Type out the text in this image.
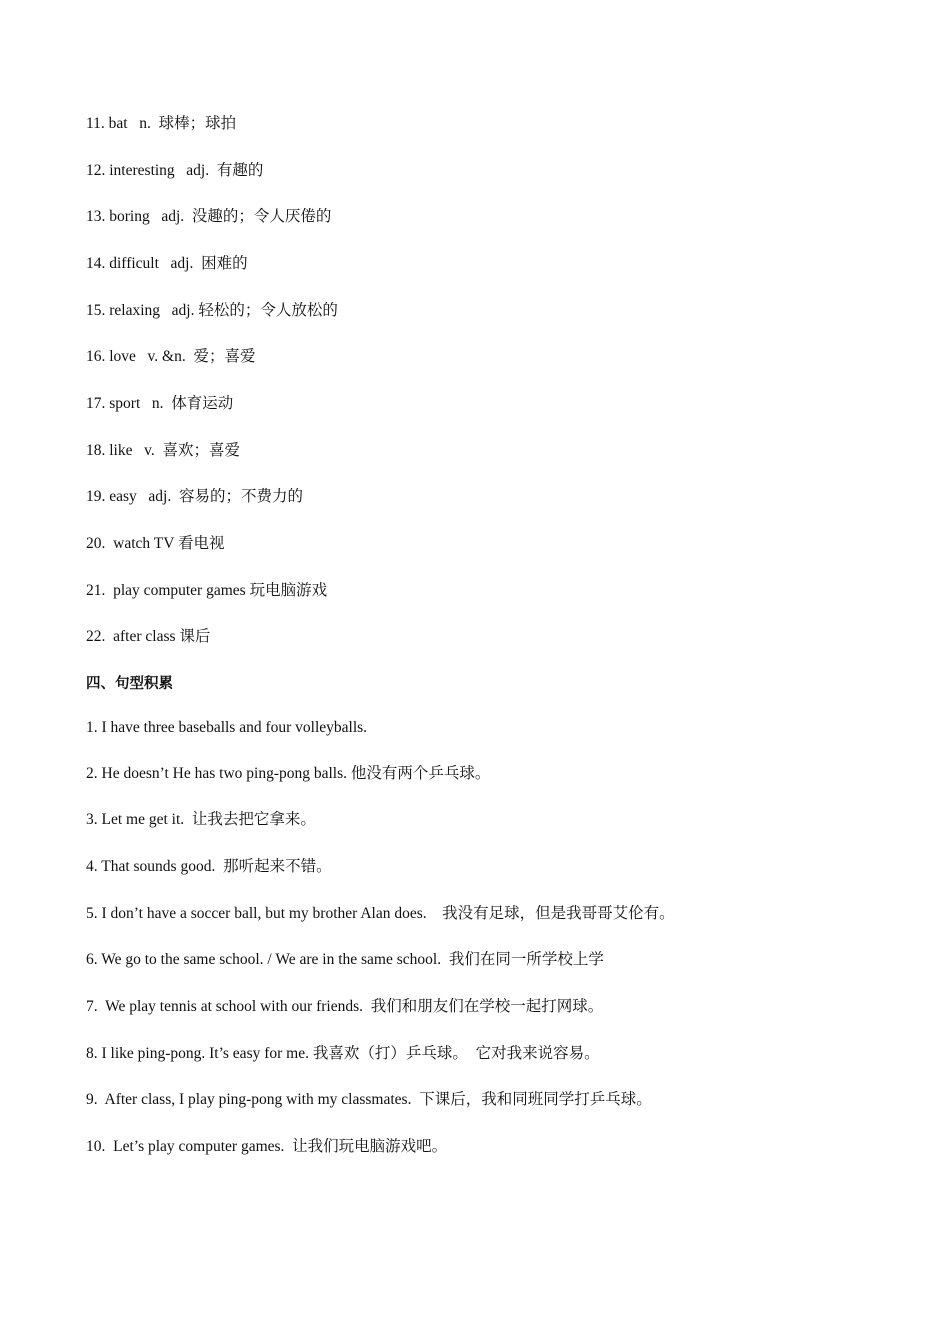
11. bat   n.  球棒；球拍

12. interesting   adj.  有趣的

13. boring   adj.  没趣的；令人厌倦的

14. difficult   adj.  困难的

15. relaxing   adj. 轻松的；令人放松的

16. love   v. &n.  爱；喜爱

17. sport   n.  体育运动

18. like   v.  喜欢；喜爱

19. easy   adj.  容易的；不费力的

20.  watch TV 看电视

21.  play computer games 玩电脑游戏

22.  after class 课后

四、句型积累

1. I have three baseballs and four volleyballs.

2. He doesn’t He has two ping-pong balls. 他没有两个乒乓球。

3. Let me get it.  让我去把它拿来。

4. That sounds good.  那听起来不错。

5. I don’t have a soccer ball, but my brother Alan does.    我没有足球，但是我哥哥艾伦有。

6. We go to the same school. / We are in the same school.  我们在同一所学校上学

7.  We play tennis at school with our friends.  我们和朋友们在学校一起打网球。

8. I like ping-pong. It’s easy for me. 我喜欢（打）乒乓球。  它对我来说容易。

9.  After class, I play ping-pong with my classmates.  下课后，我和同班同学打乒乓球。

10.  Let’s play computer games.  让我们玩电脑游戏吧。
